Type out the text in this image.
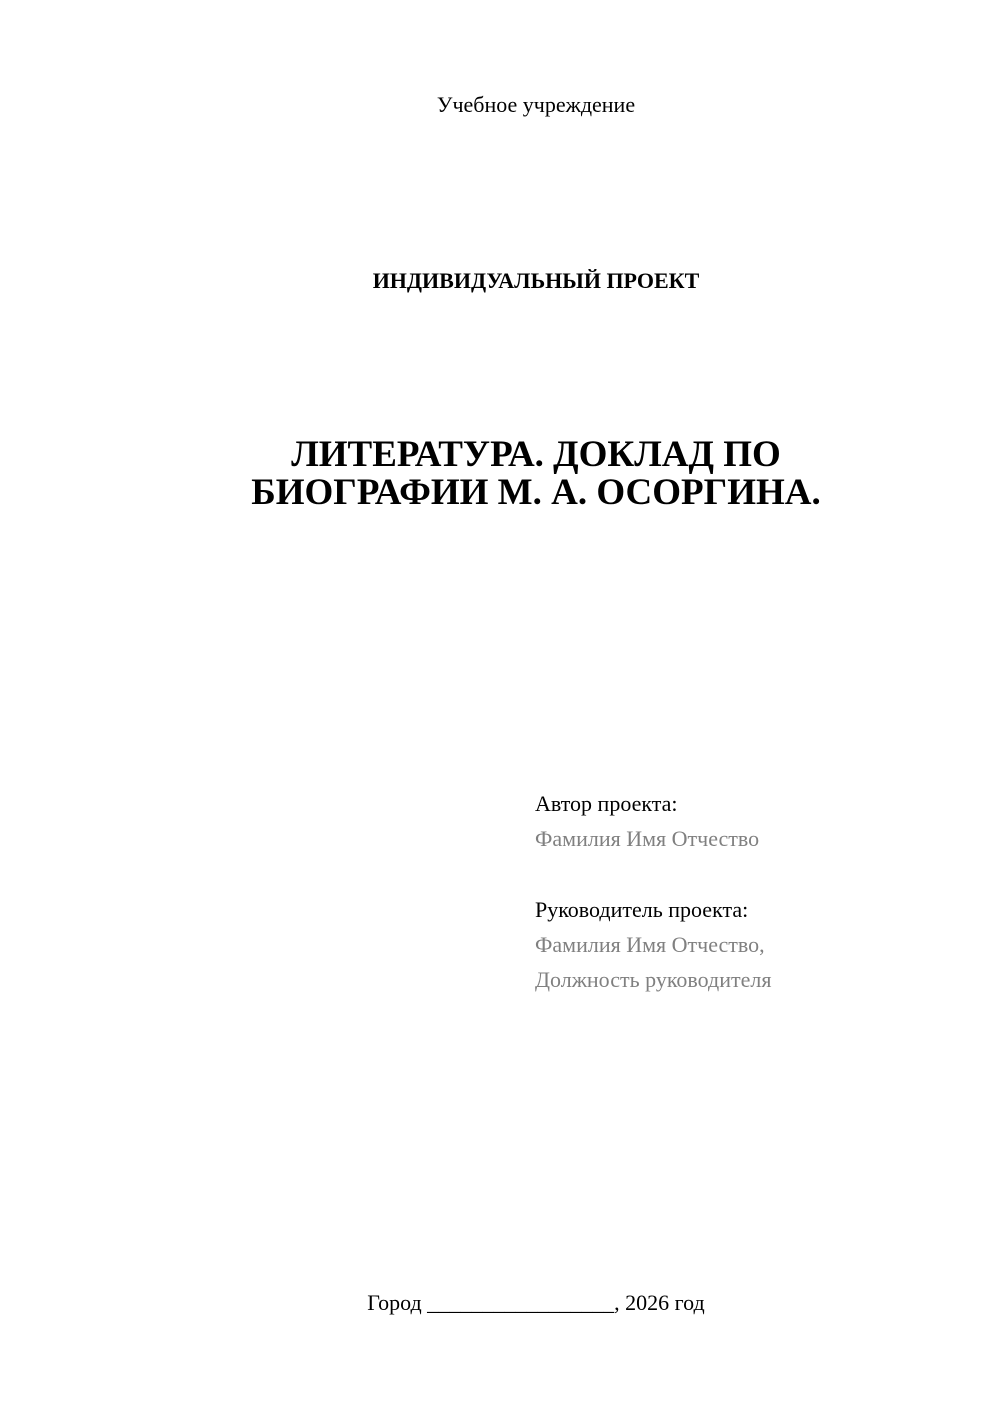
Учебное учреждение
ИНДИВИДУАЛЬНЫЙ ПРОЕКТ
ЛИТЕРАТУРА. ДОКЛАД ПО
БИОГРАФИИ М. А. ОСОРГИНА.
Автор проекта:
Фамилия Имя Отчество
Руководитель проекта:
Фамилия Имя Отчество,
Должность руководителя
Город _________________, 2026 год
